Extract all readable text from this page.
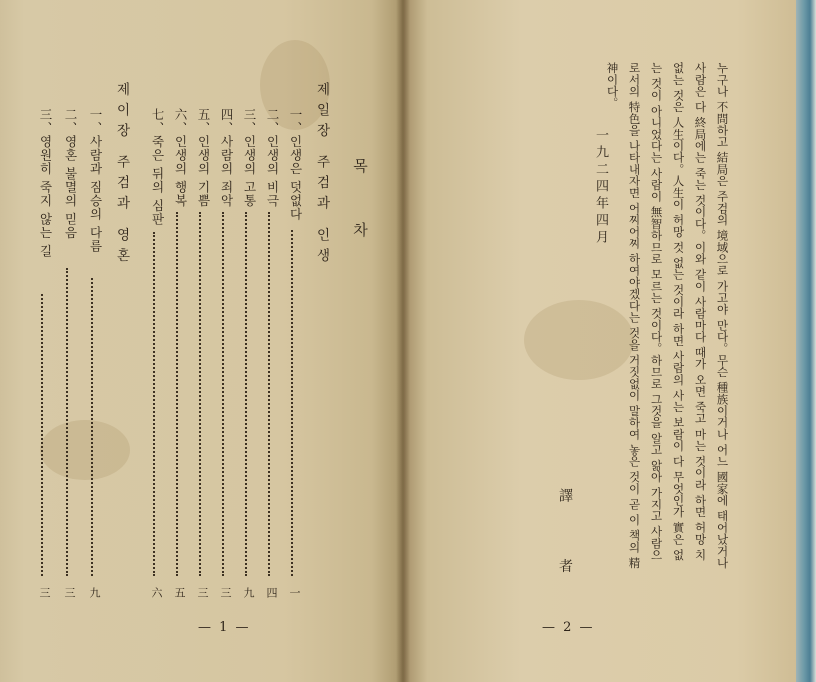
목 차
제일장 주검과 인생
一、인생은 덧없다
一
二、인생의 비극
四
三、인생의 고통
九
四、사람의 죄악
三
五、인생의 기쁨
三
六、인생의 행복
五
七、죽은 뒤의 심판
六
제이장 주검과 영혼
一、사람과 짐승의 다름
九
二、영혼 불멸의 믿음
三
三、영원히 죽지 않는 길
三
— 1 —
누구나 不問하고 結局은 주검의 境域으로 가고야 만다。무슨 種族이거나 어느 國家에 태어났거나
사람은 다 終局에는 죽는 것이다。이와 같이 사람마다 때가 오면 죽고 마는 것이라 하면 허망 치
없는 것은 人生이다。人生이 허망 것 없는 것이라 하면 사람의 사는 보람이 다 무엇인가 實은 없
는 것이 아니었다는 사람이 無智하므로 모르는 것이다。하므로 그것을 알고 앎아 가지고 사람으
로서의 特色을 나타내자면 어찌어찌 하여야겠다는 것을 거짓없이 말하여 놓은 것이 곧 이 책의 精
神이다。
一九二四年四月
譯 者
— 2 —
